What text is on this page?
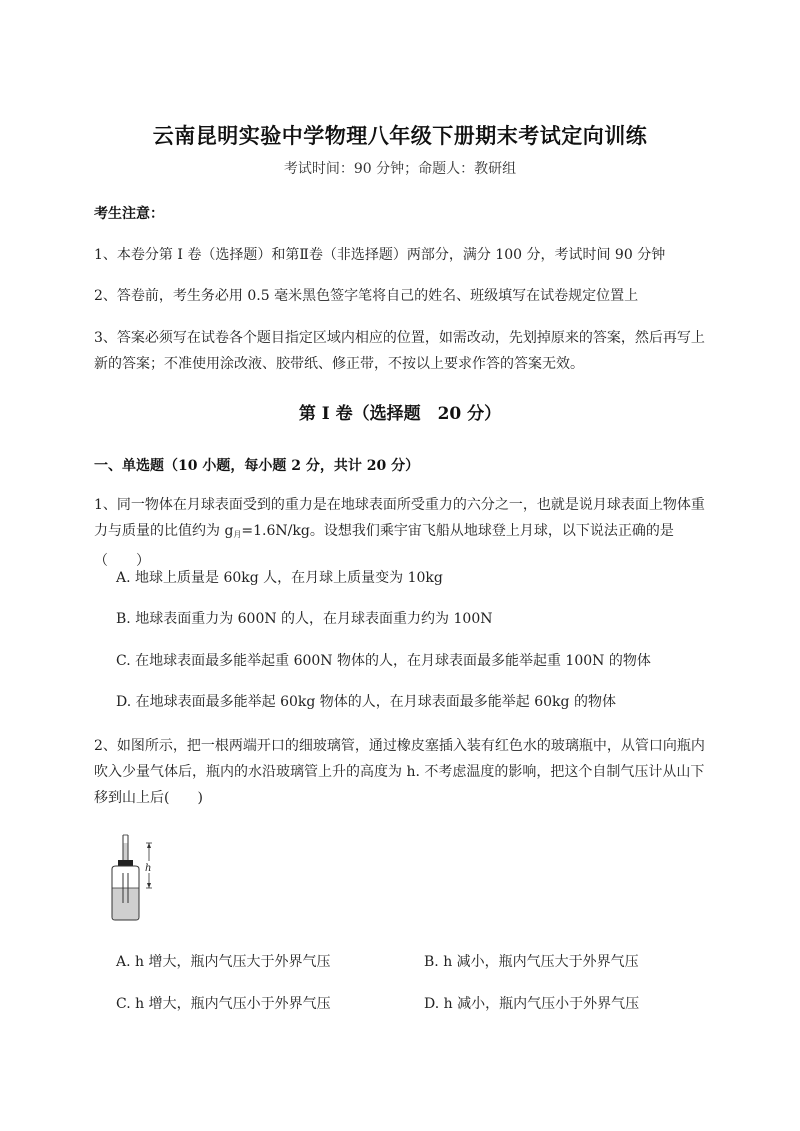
云南昆明实验中学物理八年级下册期末考试定向训练
考试时间：90 分钟；命题人：教研组
考生注意：
1、本卷分第 I 卷（选择题）和第Ⅱ卷（非选择题）两部分，满分 100 分，考试时间 90 分钟
2、答卷前，考生务必用 0.5 毫米黑色签字笔将自己的姓名、班级填写在试卷规定位置上
3、答案必须写在试卷各个题目指定区域内相应的位置，如需改动，先划掉原来的答案，然后再写上新的答案；不准使用涂改液、胶带纸、修正带，不按以上要求作答的答案无效。
第 I 卷（选择题　20 分）
一、单选题（10 小题，每小题 2 分，共计 20 分）
1、同一物体在月球表面受到的重力是在地球表面所受重力的六分之一，也就是说月球表面上物体重力与质量的比值约为 $g_月=1.6N/kg$。设想我们乘宇宙飞船从地球登上月球，以下说法正确的是（　　）
A. 地球上质量是 60kg 人，在月球上质量变为 10kg
B. 地球表面重力为 600N 的人，在月球表面重力约为 100N
C. 在地球表面最多能举起重 600N 物体的人，在月球表面最多能举起重 100N 的物体
D. 在地球表面最多能举起 60kg 物体的人，在月球表面最多能举起 60kg 的物体
2、如图所示，把一根两端开口的细玻璃管，通过橡皮塞插入装有红色水的玻璃瓶中，从管口向瓶内吹入少量气体后，瓶内的水沿玻璃管上升的高度为 h. 不考虑温度的影响，把这个自制气压计从山下移到山上后(　　)
h
A. h 增大，瓶内气压大于外界气压	B. h 减小，瓶内气压大于外界气压
C. h 增大，瓶内气压小于外界气压	D. h 减小，瓶内气压小于外界气压
